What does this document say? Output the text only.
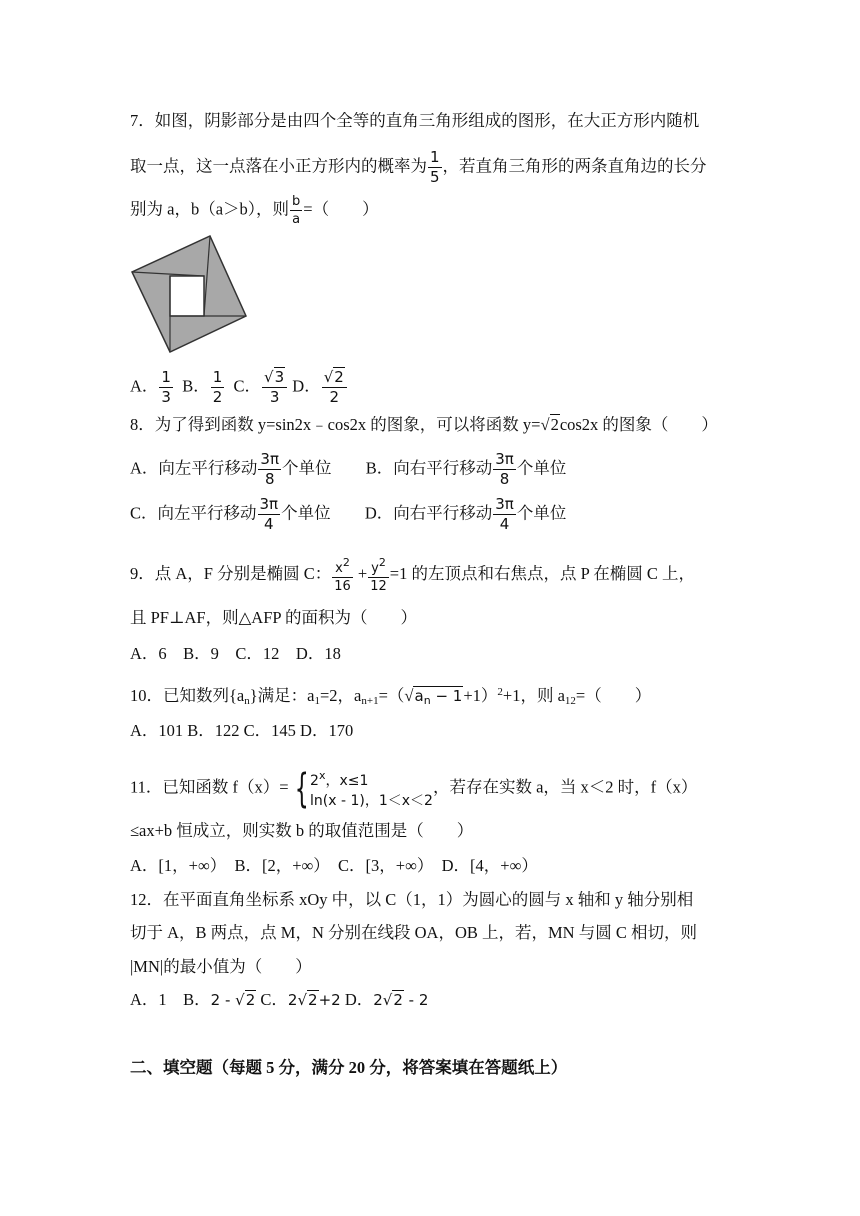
7．如图，阴影部分是由四个全等的直角三角形组成的图形，在大正方形内随机
取一点，这一点落在小正方形内的概率为 $\frac{1}{5}$ ，若直角三角形的两条直角边的长分
别为 a，b（a＞b），则 $\frac{b}{a}$ =（　　）
A． $\frac{1}{3}$ B． $\frac{1}{2}$ C． $\frac{√3}{3}$ D． $\frac{√2}{2}$
8．为了得到函数 y=sin2x﹣cos2x 的图象，可以将函数 y=√2cos2x 的图象（　　）
A．向左平行移动 $\frac{3\pi}{8}$ 个单位 B．向右平行移动 $\frac{3\pi}{8}$ 个单位
C．向左平行移动 $\frac{3\pi}{4}$ 个单位 D．向右平行移动 $\frac{3\pi}{4}$ 个单位
9．点 A，F 分别是椭圆 C： $\frac{x^2}{16} + \frac{y^2}{12} =1$ 的左顶点和右焦点，点 P 在椭圆 C 上，
且 PF⊥AF，则△AFP 的面积为（　　）
A．6　B．9　C．12　D．18
10．已知数列$\{a_n\}$满足：$a_1=2$，$a_{n+1}=(√a_n - 1+1)^2+1$，则 $a_{12}=$（　　）
A．101 B．122 C．145 D．170
11．已知函数 f（x）= { 2$^x$，x≤1
ln(x - 1)，1＜x＜2
，若存在实数 a，当 x＜2 时，f（x）
≤ax+b 恒成立，则实数 b 的取值范围是（　　）
A．[1，+∞）　B．[2，+∞）　C．[3，+∞）　D．[4，+∞）
12．在平面直角坐标系 xOy 中，以 C（1，1）为圆心的圆与 x 轴和 y 轴分别相
切于 A，B 两点，点 M，N 分别在线段 OA，OB 上，若，MN 与圆 C 相切，则
|MN|的最小值为（　　）
A．1　B．2 - √2 C．2√2+2 D．2√2 - 2
二、填空题（每题 5 分，满分 20 分，将答案填在答题纸上）
